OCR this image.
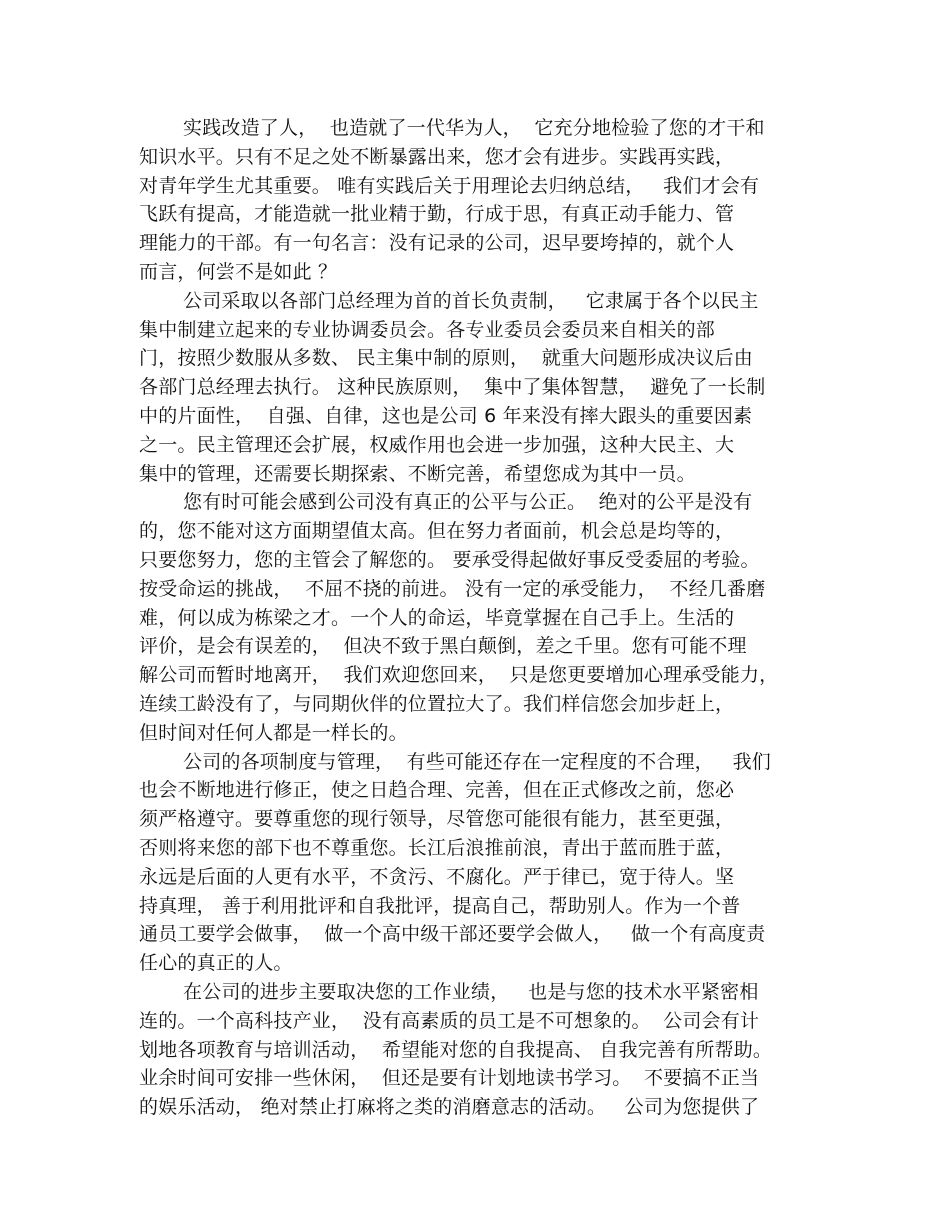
实践改造了人，  也造就了一代华为人，  它充分地检验了您的才干和
知识水平。只有不足之处不断暴露出来，您才会有进步。实践再实践，
对青年学生尤其重要。 唯有实践后关于用理论去归纳总结，   我们才会有
飞跃有提高，才能造就一批业精于勤，行成于思，有真正动手能力、管
理能力的干部。有一句名言：没有记录的公司，迟早要垮掉的，就个人
而言，何尝不是如此 ？
公司采取以各部门总经理为首的首长负责制，   它隶属于各个以民主
集中制建立起来的专业协调委员会。各专业委员会委员来自相关的部
门，按照少数服从多数、 民主集中制的原则，  就重大问题形成决议后由
各部门总经理去执行。 这种民族原则，  集中了集体智慧，  避免了一长制
中的片面性，  自强、自律，这也是公司 6 年来没有摔大跟头的重要因素
之一。民主管理还会扩展，权威作用也会进一步加强，这种大民主、大
集中的管理，还需要长期探索、不断完善，希望您成为其中一员。
您有时可能会感到公司没有真正的公平与公正。  绝对的公平是没有
的，您不能对这方面期望值太高。但在努力者面前，机会总是均等的，
只要您努力，您的主管会了解您的。 要承受得起做好事反受委屈的考验。
按受命运的挑战，  不屈不挠的前进。 没有一定的承受能力，  不经几番磨
难，何以成为栋梁之才。一个人的命运，毕竟掌握在自己手上。生活的
评价，是会有误差的，  但决不致于黑白颠倒，差之千里。您有可能不理
解公司而暂时地离开，  我们欢迎您回来，  只是您更要增加心理承受能力，
连续工龄没有了，与同期伙伴的位置拉大了。我们样信您会加步赶上，
但时间对任何人都是一样长的。
公司的各项制度与管理，  有些可能还存在一定程度的不合理，   我们
也会不断地进行修正，使之日趋合理、完善，但在正式修改之前，您必
须严格遵守。要尊重您的现行领导，尽管您可能很有能力，甚至更强，
否则将来您的部下也不尊重您。长江后浪推前浪，青出于蓝而胜于蓝，
永远是后面的人更有水平，不贪污、不腐化。严于律已，宽于待人。坚
持真理， 善于利用批评和自我批评，提高自己，帮助别人。作为一个普
通员工要学会做事，  做一个高中级干部还要学会做人，   做一个有高度责
任心的真正的人。
在公司的进步主要取决您的工作业绩，   也是与您的技术水平紧密相
连的。一个高科技产业，  没有高素质的员工是不可想象的。  公司会有计
划地各项教育与培训活动，  希望能对您的自我提高、 自我完善有所帮助。
业余时间可安排一些休闲，  但还是要有计划地读书学习。  不要搞不正当
的娱乐活动， 绝对禁止打麻将之类的消磨意志的活动。   公司为您提供了
